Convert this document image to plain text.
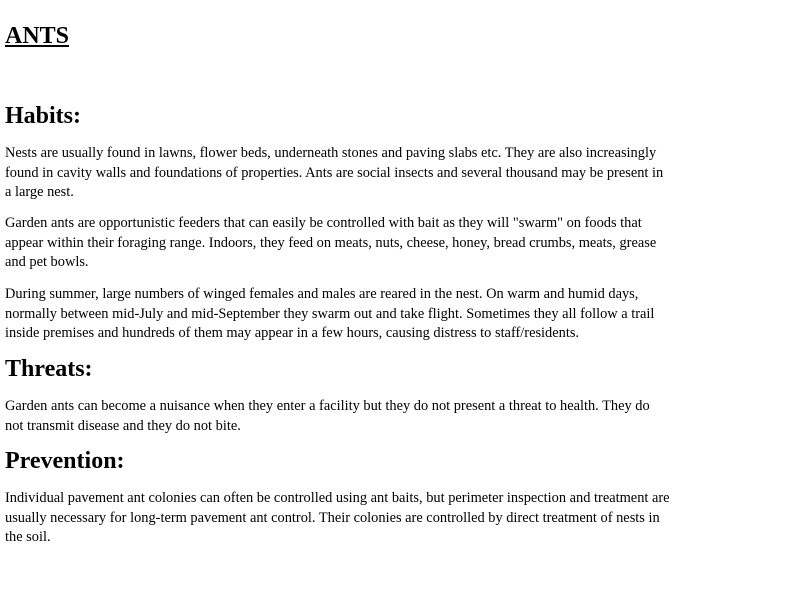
ANTS
Habits:

Nests are usually found in lawns, flower beds, underneath stones and paving slabs etc. They are also increasingly found in cavity walls and foundations of properties. Ants are social insects and several thousand may be present in a large nest.

Garden ants are opportunistic feeders that can easily be controlled with bait as they will "swarm" on foods that appear within their foraging range. Indoors, they feed on meats, nuts, cheese, honey, bread crumbs, meats, grease and pet bowls.

During summer, large numbers of winged females and males are reared in the nest. On warm and humid days, normally between mid-July and mid-September they swarm out and take flight. Sometimes they all follow a trail inside premises and hundreds of them may appear in a few hours, causing distress to staff/residents.

Threats:

Garden ants can become a nuisance when they enter a facility but they do not present a threat to health. They do not transmit disease and they do not bite.

Prevention:

Individual pavement ant colonies can often be controlled using ant baits, but perimeter inspection and treatment are usually necessary for long-term pavement ant control. Their colonies are controlled by direct treatment of nests in the soil.
